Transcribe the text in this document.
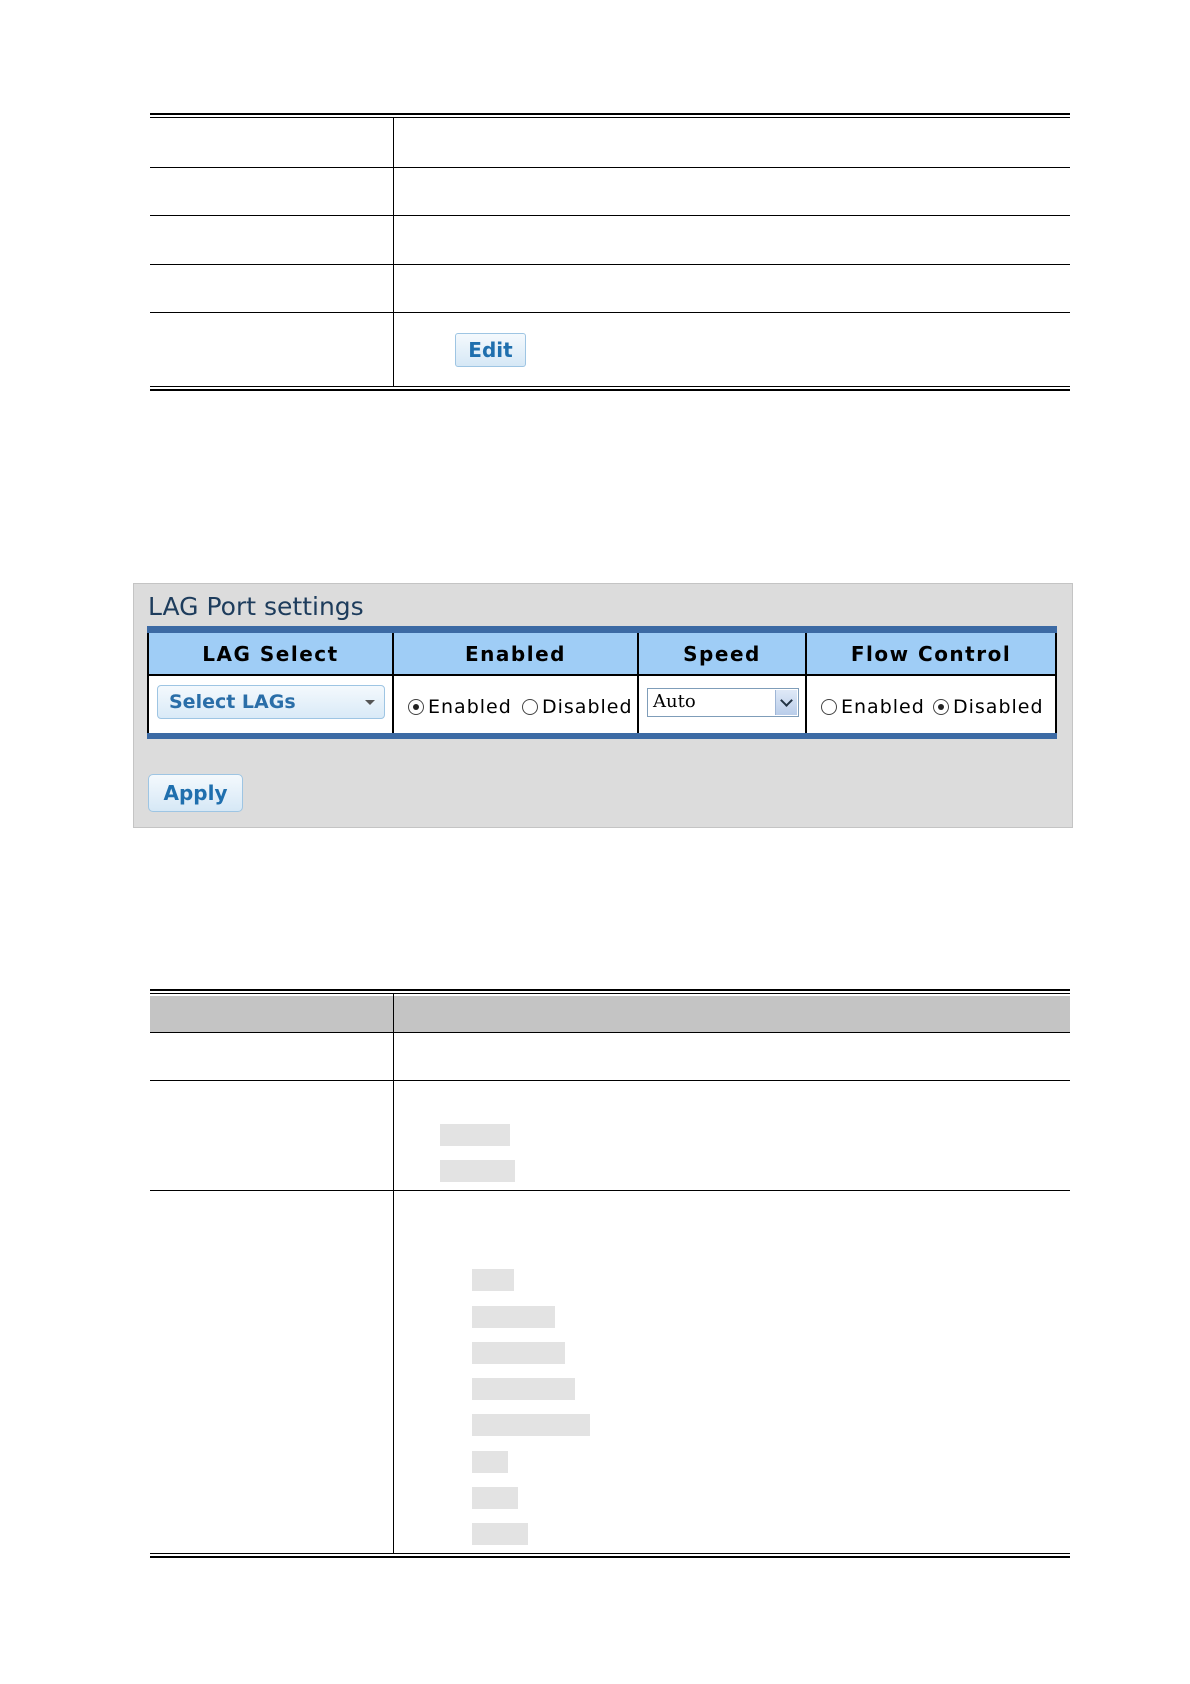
Edit
LAG Port settings
LAG Select	Enabled	Speed	Flow Control
Select LAGs	Enabled Disabled	Auto	Enabled Disabled
Apply
